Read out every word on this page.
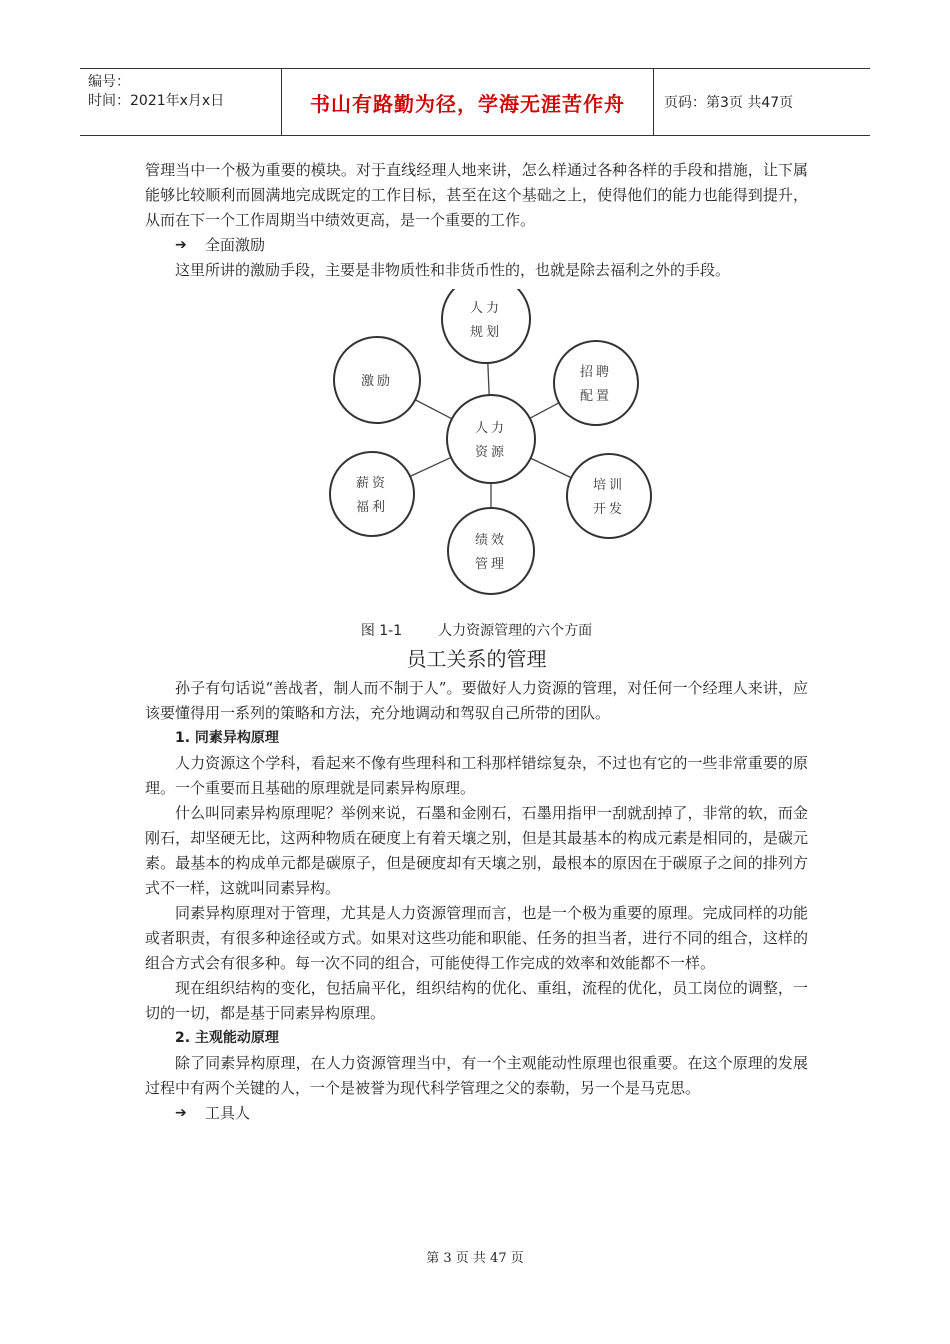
编号：
时间：2021年x月x日	书山有路勤为径，学海无涯苦作舟	页码：第3页 共47页

管理当中一个极为重要的模块。对于直线经理人地来讲，怎么样通过各种各样的手段和措施，让下属能够比较顺利而圆满地完成既定的工作目标，甚至在这个基础之上，使得他们的能力也能得到提升，从而在下一个工作周期当中绩效更高，是一个重要的工作。

➔	全面激励

这里所讲的激励手段，主要是非物质性和非货币性的，也就是除去福利之外的手段。

人力
资源
人力
规划
招聘
配置
培训
开发
绩效
管理
薪资
福利
激励
图 1-1	人力资源管理的六个方面
员工关系的管理

孙子有句话说“善战者，制人而不制于人”。要做好人力资源的管理，对任何一个经理人来讲，应该要懂得用一系列的策略和方法，充分地调动和驾驭自己所带的团队。

1. 同素异构原理

人力资源这个学科，看起来不像有些理科和工科那样错综复杂，不过也有它的一些非常重要的原理。一个重要而且基础的原理就是同素异构原理。

什么叫同素异构原理呢？举例来说，石墨和金刚石，石墨用指甲一刮就刮掉了，非常的软，而金刚石，却坚硬无比，这两种物质在硬度上有着天壤之别，但是其最基本的构成元素是相同的，是碳元素。最基本的构成单元都是碳原子，但是硬度却有天壤之别，最根本的原因在于碳原子之间的排列方式不一样，这就叫同素异构。

同素异构原理对于管理，尤其是人力资源管理而言，也是一个极为重要的原理。完成同样的功能或者职责，有很多种途径或方式。如果对这些功能和职能、任务的担当者，进行不同的组合，这样的组合方式会有很多种。每一次不同的组合，可能使得工作完成的效率和效能都不一样。

现在组织结构的变化，包括扁平化，组织结构的优化、重组，流程的优化，员工岗位的调整，一切的一切，都是基于同素异构原理。

2. 主观能动原理

除了同素异构原理，在人力资源管理当中，有一个主观能动性原理也很重要。在这个原理的发展过程中有两个关键的人，一个是被誉为现代科学管理之父的泰勒，另一个是马克思。

➔	工具人
第 3 页 共 47 页
